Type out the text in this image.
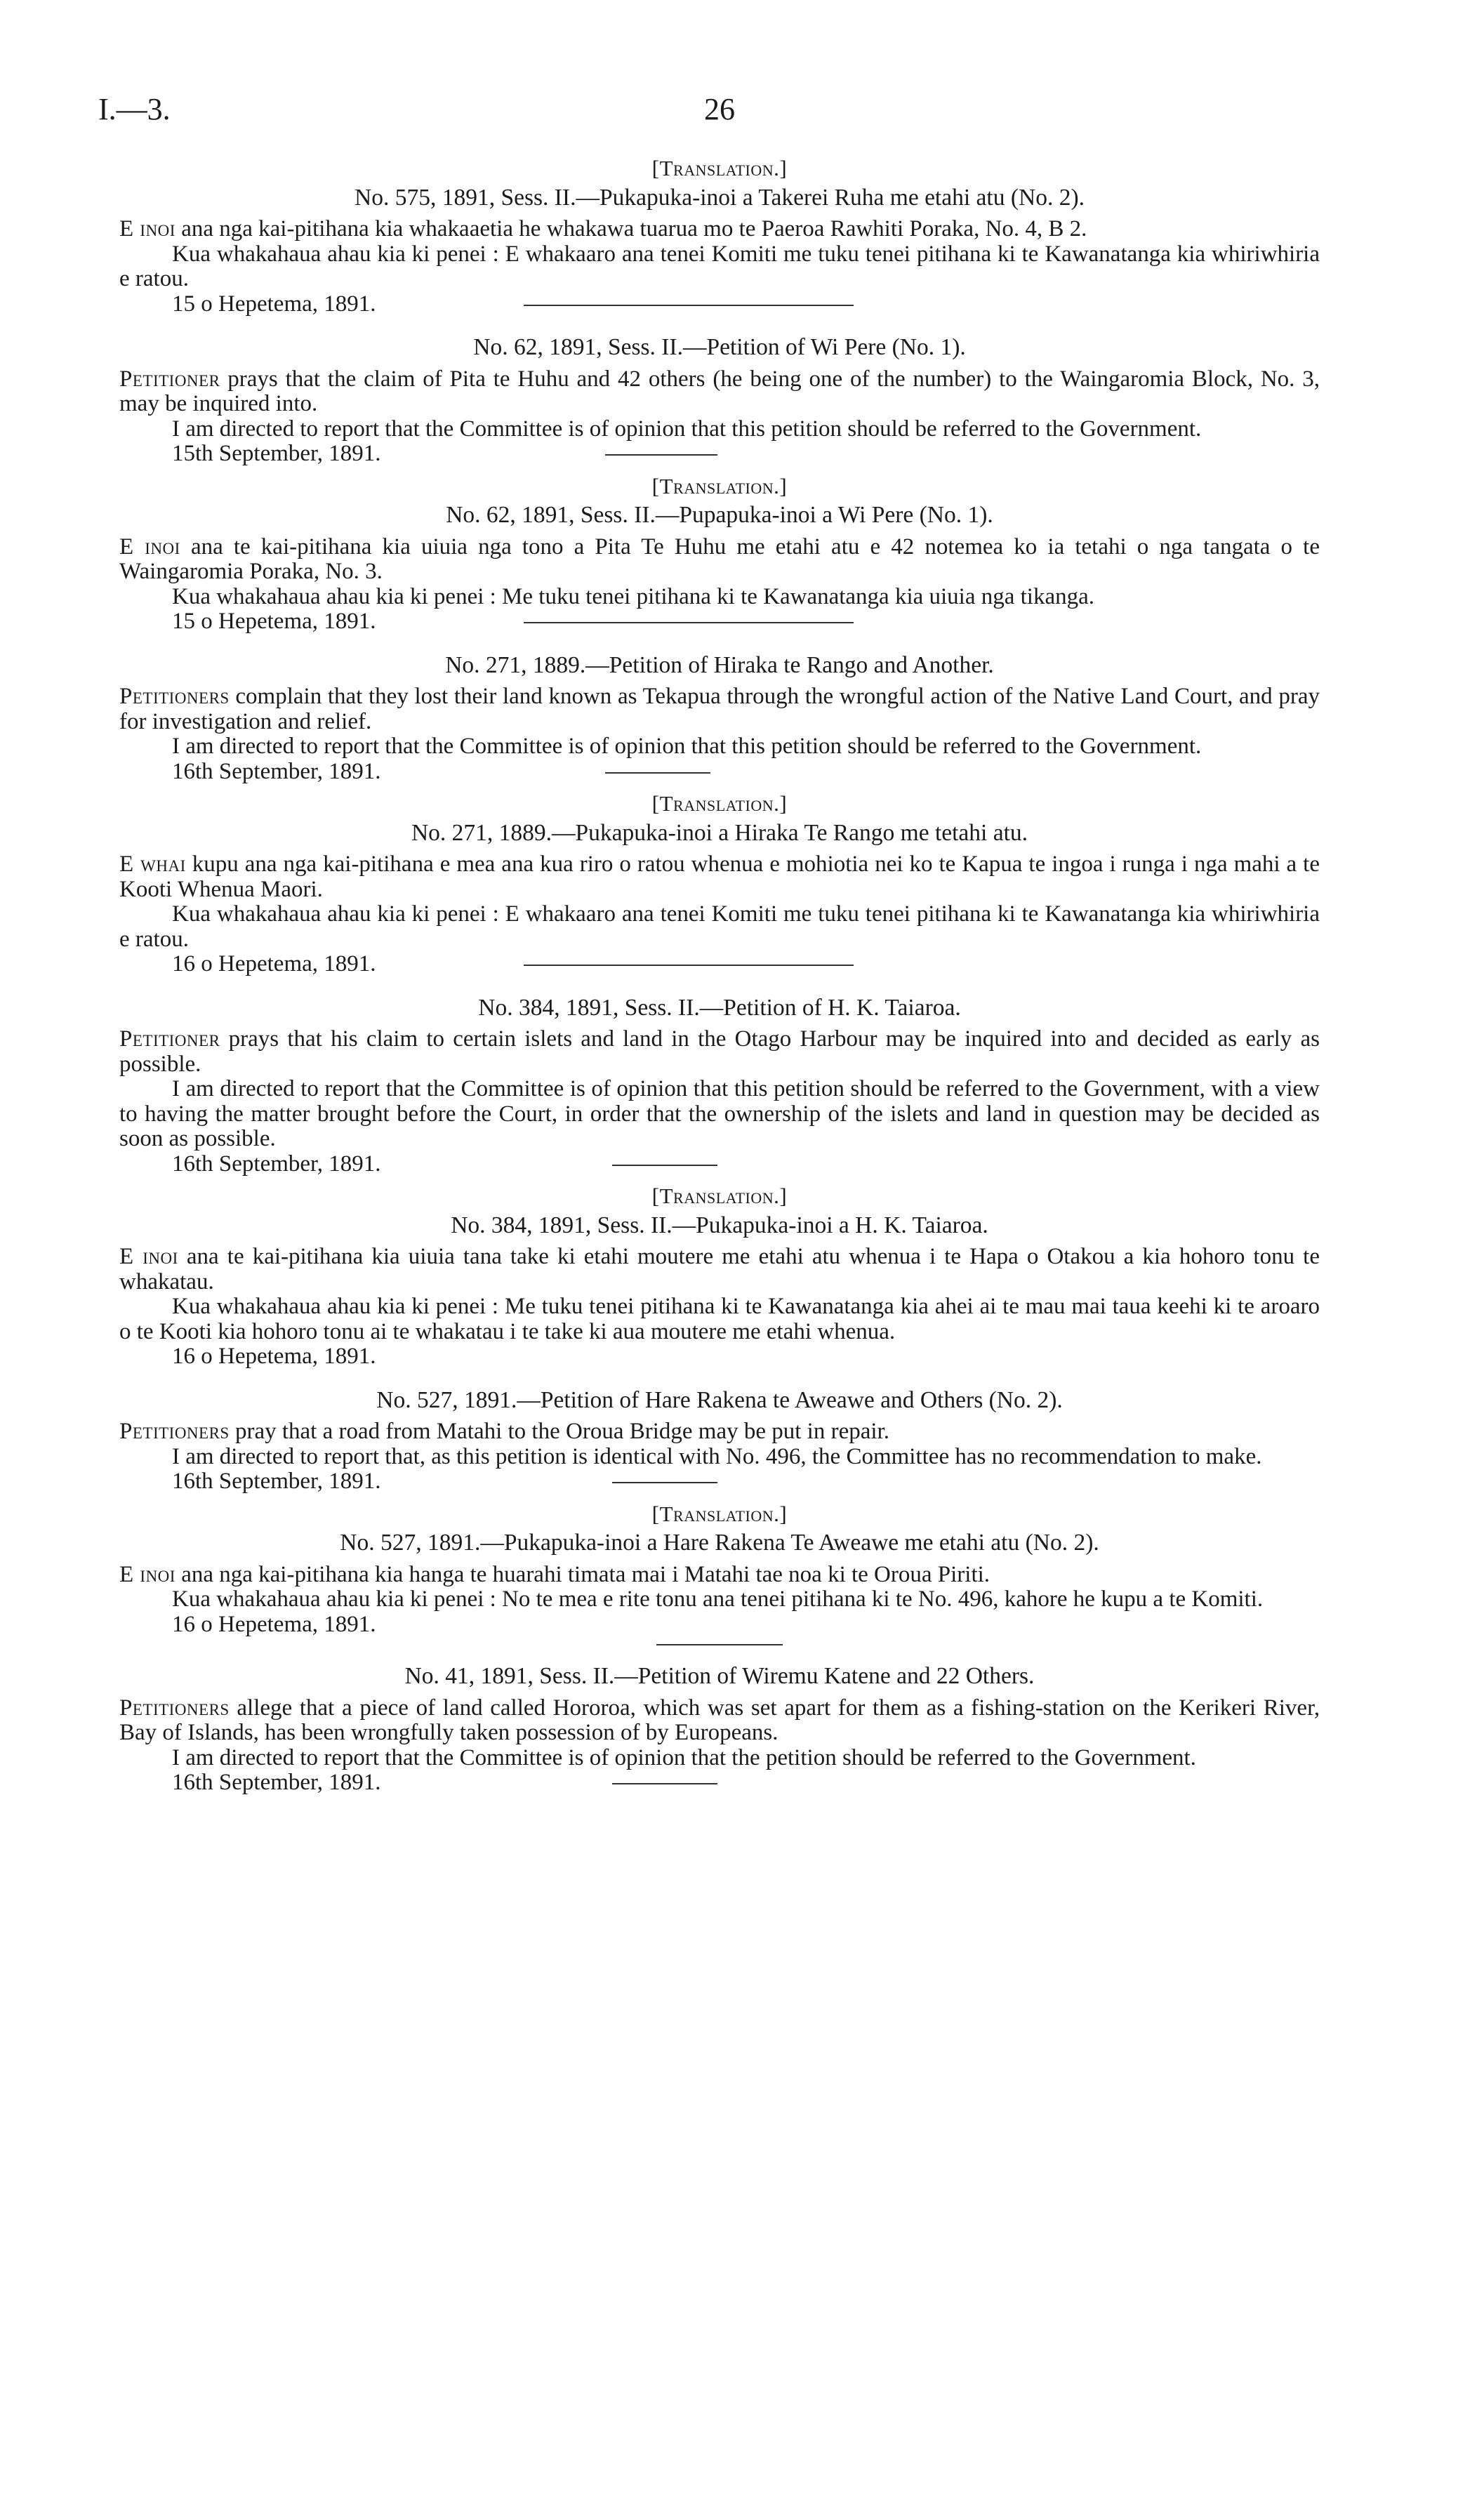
I.—3.	26

[Translation.]

No. 575, 1891, Sess. II.—Pukapuka-inoi a Takerei Ruha me etahi atu (No. 2).

E inoi ana nga kai-pitihana kia whakaaetia he whakawa tuarua mo te Paeroa Rawhiti Poraka, No. 4, B 2.

Kua whakahaua ahau kia ki penei : E whakaaro ana tenei Komiti me tuku tenei pitihana ki te Kawanatanga kia whiriwhiria e ratou.

15 o Hepetema, 1891.

No. 62, 1891, Sess. II.—Petition of Wi Pere (No. 1).

Petitioner prays that the claim of Pita te Huhu and 42 others (he being one of the number) to the Waingaromia Block, No. 3, may be inquired into.

I am directed to report that the Committee is of opinion that this petition should be referred to the Government.

15th September, 1891.

[Translation.]

No. 62, 1891, Sess. II.—Pupapuka-inoi a Wi Pere (No. 1).

E inoi ana te kai-pitihana kia uiuia nga tono a Pita Te Huhu me etahi atu e 42 notemea ko ia tetahi o nga tangata o te Waingaromia Poraka, No. 3.

Kua whakahaua ahau kia ki penei : Me tuku tenei pitihana ki te Kawanatanga kia uiuia nga tikanga.

15 o Hepetema, 1891.

No. 271, 1889.—Petition of Hiraka te Rango and Another.

Petitioners complain that they lost their land known as Tekapua through the wrongful action of the Native Land Court, and pray for investigation and relief.

I am directed to report that the Committee is of opinion that this petition should be referred to the Government.

16th September, 1891.

[Translation.]

No. 271, 1889.—Pukapuka-inoi a Hiraka Te Rango me tetahi atu.

E whai kupu ana nga kai-pitihana e mea ana kua riro o ratou whenua e mohiotia nei ko te Kapua te ingoa i runga i nga mahi a te Kooti Whenua Maori.

Kua whakahaua ahau kia ki penei : E whakaaro ana tenei Komiti me tuku tenei pitihana ki te Kawanatanga kia whiriwhiria e ratou.

16 o Hepetema, 1891.

No. 384, 1891, Sess. II.—Petition of H. K. Taiaroa.

Petitioner prays that his claim to certain islets and land in the Otago Harbour may be inquired into and decided as early as possible.

I am directed to report that the Committee is of opinion that this petition should be referred to the Government, with a view to having the matter brought before the Court, in order that the ownership of the islets and land in question may be decided as soon as possible.

16th September, 1891.

[Translation.]

No. 384, 1891, Sess. II.—Pukapuka-inoi a H. K. Taiaroa.

E inoi ana te kai-pitihana kia uiuia tana take ki etahi moutere me etahi atu whenua i te Hapa o Otakou a kia hohoro tonu te whakatau.

Kua whakahaua ahau kia ki penei : Me tuku tenei pitihana ki te Kawanatanga kia ahei ai te mau mai taua keehi ki te aroaro o te Kooti kia hohoro tonu ai te whakatau i te take ki aua moutere me etahi whenua.

16 o Hepetema, 1891.

No. 527, 1891.—Petition of Hare Rakena te Aweawe and Others (No. 2).

Petitioners pray that a road from Matahi to the Oroua Bridge may be put in repair.

I am directed to report that, as this petition is identical with No. 496, the Committee has no recommendation to make.

16th September, 1891.

[Translation.]

No. 527, 1891.—Pukapuka-inoi a Hare Rakena Te Aweawe me etahi atu (No. 2).

E inoi ana nga kai-pitihana kia hanga te huarahi timata mai i Matahi tae noa ki te Oroua Piriti.

Kua whakahaua ahau kia ki penei : No te mea e rite tonu ana tenei pitihana ki te No. 496, kahore he kupu a te Komiti.

16 o Hepetema, 1891.

No. 41, 1891, Sess. II.—Petition of Wiremu Katene and 22 Others.

Petitioners allege that a piece of land called Hororoa, which was set apart for them as a fishing-station on the Kerikeri River, Bay of Islands, has been wrongfully taken possession of by Europeans.

I am directed to report that the Committee is of opinion that the petition should be referred to the Government.

16th September, 1891.
